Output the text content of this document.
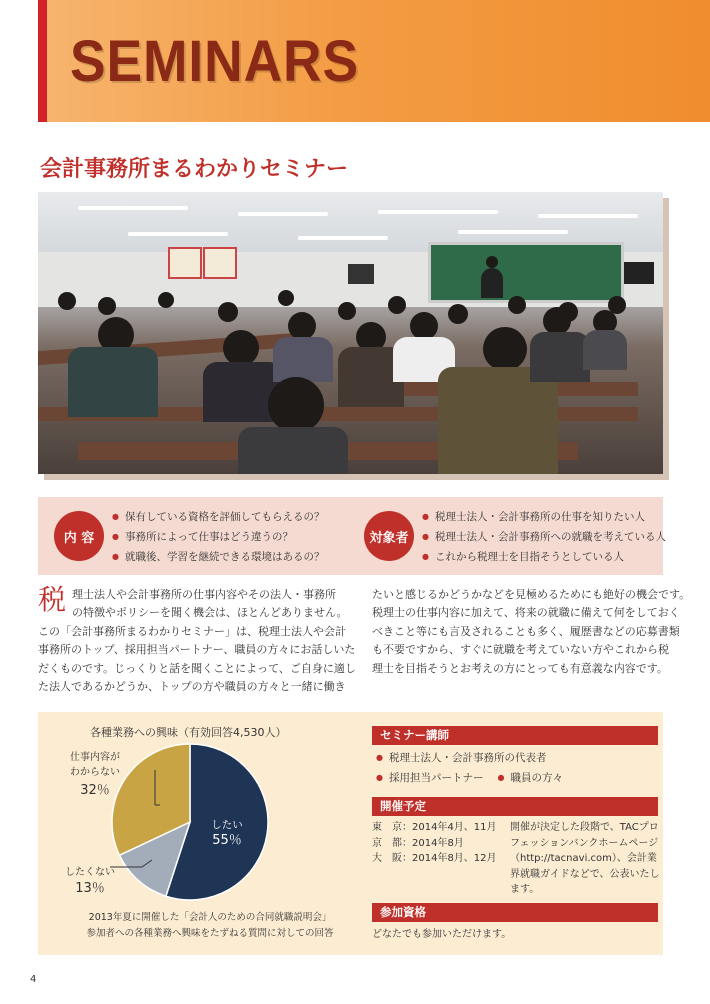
SEMINARS
会計事務所まるわかりセミナー
内 容
● 保有している資格を評価してもらえるの？
● 事務所によって仕事はどう違うの？
● 就職後、学習を継続できる環境はあるの？
対象者
● 税理士法人・会計事務所の仕事を知りたい人
● 税理士法人・会計事務所への就職を考えている人
● これから税理士を目指そうとしている人
税 理士法人や会計事務所の仕事内容やその法人・事務所

の特徴やポリシーを聞く機会は、ほとんどありません。

この「会計事務所まるわかりセミナー」は、税理士法人や会計

事務所のトップ、採用担当パートナー、職員の方々にお話しいた

だくものです。じっくりと話を聞くことによって、ご自身に適し

た法人であるかどうか、トップの方や職員の方々と一緒に働き

たいと感じるかどうかなどを見極めるためにも絶好の機会です。

税理士の仕事内容に加えて、将来の就職に備えて何をしておく

べきこと等にも言及されることも多く、履歴書などの応募書類

も不要ですから、すぐに就職を考えていない方やこれから税

理士を目指そうとお考えの方にとっても有意義な内容です。

各種業務への興味（有効回答4,530人）
したい
55％
したくない
13％
仕事内容が
わからない
32％
2013年夏に開催した「会計人のための合同就職説明会」
参加者への各種業務へ興味をたずねる質問に対しての回答
セミナー講師
● 税理士法人・会計事務所の代表者
● 採用担当パートナー ● 職員の方々
開催予定
東　京：2014年4月、11月
京　都：2014年8月
大　阪：2014年8月、12月
開催が決定した段階で、TACプロ
フェッションバンクホームページ
（http://tacnavi.com）、会計業
界就職ガイドなどで、公表いたし
ます。
参加資格
どなたでも参加いただけます。
4
